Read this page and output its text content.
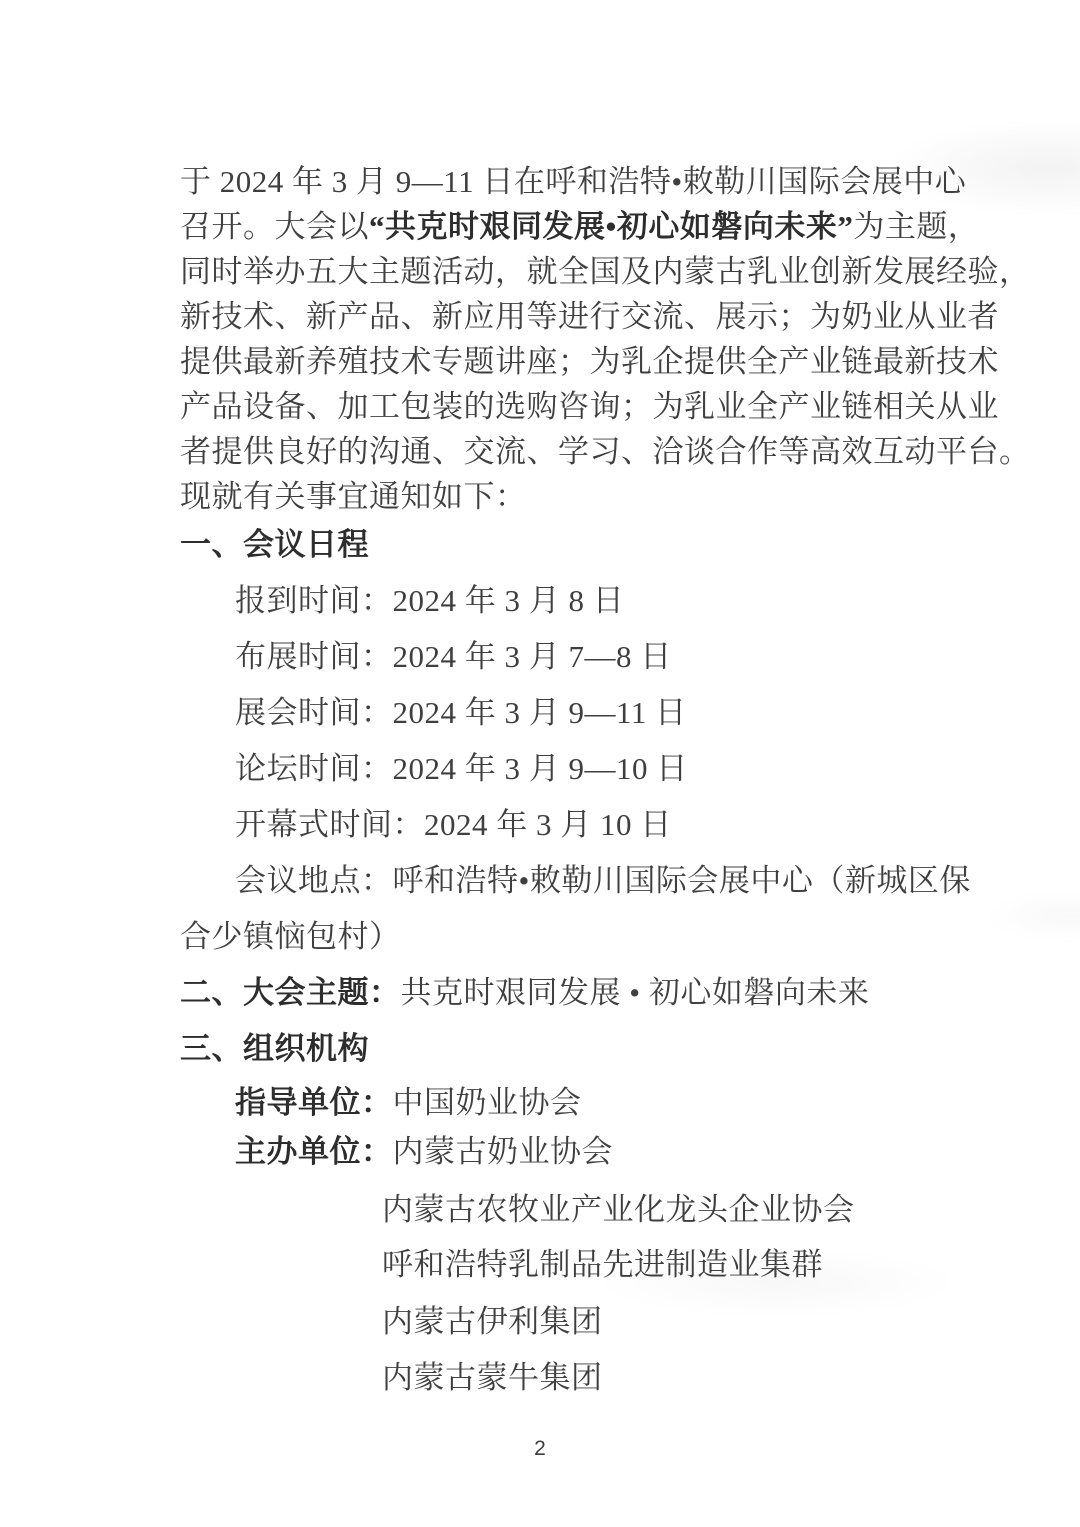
于 2024 年 3 月 9—11 日在呼和浩特•敕勒川国际会展中心
召开。大会以“共克时艰同发展•初心如磐向未来”为主题，
同时举办五大主题活动，就全国及内蒙古乳业创新发展经验，
新技术、新产品、新应用等进行交流、展示；为奶业从业者
提供最新养殖技术专题讲座；为乳企提供全产业链最新技术
产品设备、加工包装的选购咨询；为乳业全产业链相关从业
者提供良好的沟通、交流、学习、洽谈合作等高效互动平台。
现就有关事宜通知如下：
一、会议日程
报到时间：2024 年 3 月 8 日
布展时间：2024 年 3 月 7—8 日
展会时间：2024 年 3 月 9—11 日
论坛时间：2024 年 3 月 9—10 日
开幕式时间：2024 年 3 月 10 日
会议地点：呼和浩特•敕勒川国际会展中心（新城区保
合少镇恼包村）
二、大会主题：共克时艰同发展 • 初心如磐向未来
三、组织机构
指导单位：中国奶业协会
主办单位：内蒙古奶业协会
内蒙古农牧业产业化龙头企业协会
呼和浩特乳制品先进制造业集群
内蒙古伊利集团
内蒙古蒙牛集团
2
